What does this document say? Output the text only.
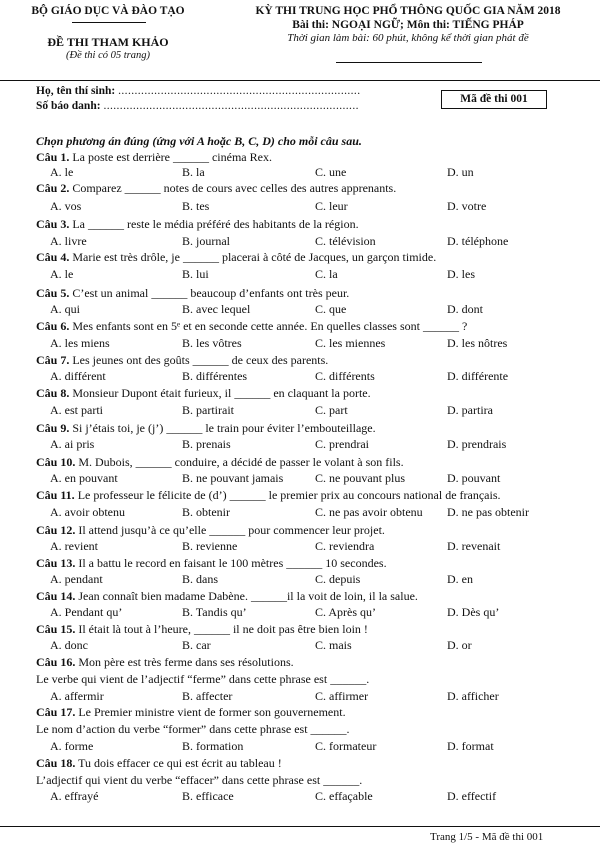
BỘ GIÁO DỤC VÀ ĐÀO TẠO
ĐỀ THI THAM KHẢO
(Đề thi có 05 trang)
KỲ THI TRUNG HỌC PHỔ THÔNG QUỐC GIA NĂM 2018
Bài thi: NGOẠI NGỮ; Môn thi: TIẾNG PHÁP
Thời gian làm bài: 60 phút, không kể thời gian phát đề
Họ, tên thí sinh: ..........................................................................
Số báo danh: ..............................................................................
Mã đề thi 001
Chọn phương án đúng (ứng với A hoặc B, C, D) cho mỗi câu sau.
Câu 1. La poste est derrière ______ cinéma Rex.
A. le	B. la	C. une	D. un
Câu 2. Comparez ______ notes de cours avec celles des autres apprenants.
A. vos	B. tes	C. leur	D. votre
Câu 3. La ______ reste le média préféré des habitants de la région.
A. livre	B. journal	C. télévision	D. téléphone
Câu 4. Marie est très drôle, je ______ placerai à côté de Jacques, un garçon timide.
A. le	B. lui	C. la	D. les
Câu 5. C’est un animal ______ beaucoup d’enfants ont très peur.
A. qui	B. avec lequel	C. que	D. dont
Câu 6. Mes enfants sont en 5ᵉ et en seconde cette année. En quelles classes sont ______ ?
A. les miens	B. les vôtres	C. les miennes	D. les nôtres
Câu 7. Les jeunes ont des goûts ______ de ceux des parents.
A. différent	B. différentes	C. différents	D. différente
Câu 8. Monsieur Dupont était furieux, il ______ en claquant la porte.
A. est parti	B. partirait	C. part	D. partira
Câu 9. Si j’étais toi, je (j’) ______ le train pour éviter l’embouteillage.
A. ai pris	B. prenais	C. prendrai	D. prendrais
Câu 10. M. Dubois, ______ conduire, a décidé de passer le volant à son fils.
A. en pouvant	B. ne pouvant jamais	C. ne pouvant plus	D. pouvant
Câu 11. Le professeur le félicite de (d’) ______ le premier prix au concours national de français.
A. avoir obtenu	B. obtenir	C. ne pas avoir obtenu D. ne pas obtenir
Câu 12. Il attend jusqu’à ce qu’elle ______ pour commencer leur projet.
A. revient	B. revienne	C. reviendra	D. revenait
Câu 13. Il a battu le record en faisant le 100 mètres ______ 10 secondes.
A. pendant	B. dans	C. depuis	D. en
Câu 14. Jean connaît bien madame Dabène. ______il la voit de loin, il la salue.
A. Pendant qu’	B. Tandis qu’	C. Après qu’	D. Dès qu’
Câu 15. Il était là tout à l’heure, ______ il ne doit pas être bien loin !
A. donc	B. car	C. mais	D. or
Câu 16. Mon père est très ferme dans ses résolutions.
Le verbe qui vient de l’adjectif “ferme” dans cette phrase est ______.
A. affermir	B. affecter	C. affirmer	D. afficher
Câu 17. Le Premier ministre vient de former son gouvernement.
Le nom d’action du verbe “former” dans cette phrase est ______.
A. forme	B. formation	C. formateur	D. format
Câu 18. Tu dois effacer ce qui est écrit au tableau !
L’adjectif qui vient du verbe “effacer” dans cette phrase est ______.
A. effrayé	B. efficace	C. effaçable	D. effectif
Trang 1/5 - Mã đề thi 001
